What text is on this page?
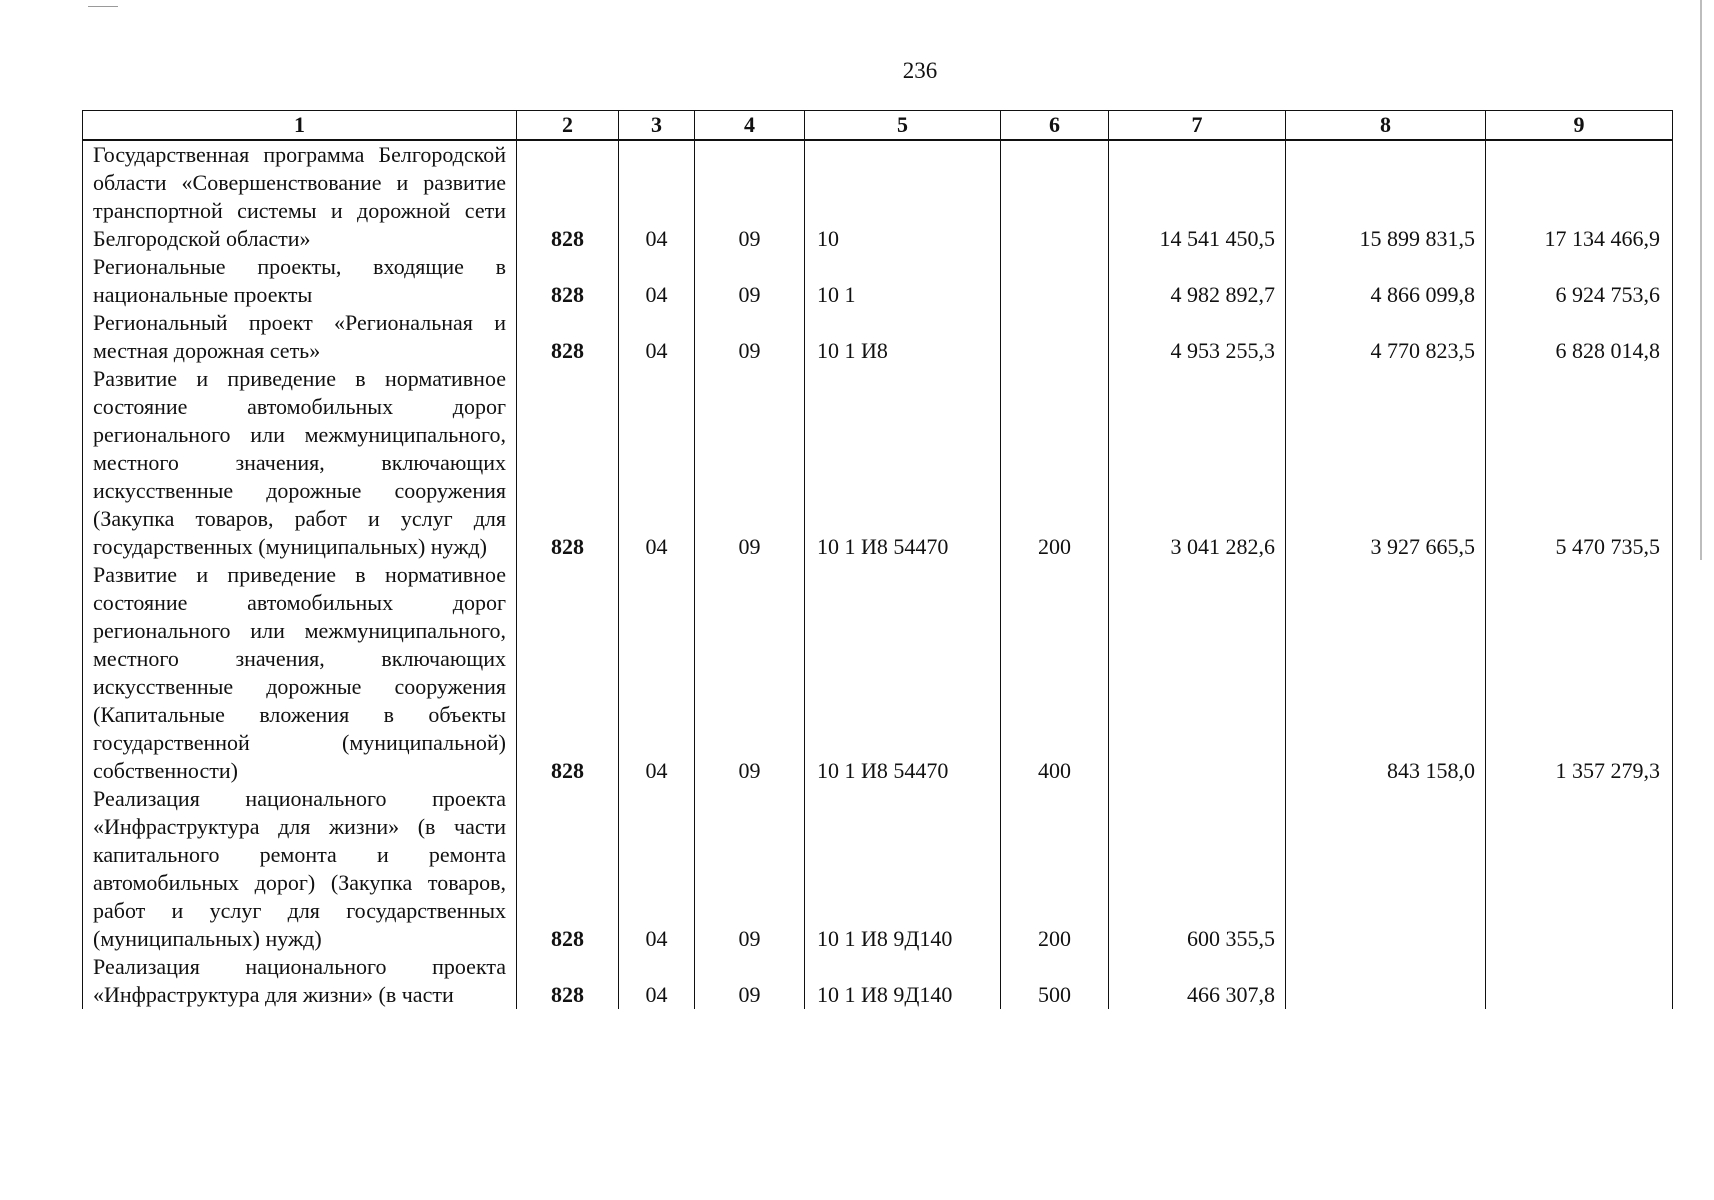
236
1	2	3	4	5	6	7	8	9
Государственная программа Белгородской области «Совершенствование и развитие транспортной системы и дорожной сети Белгородской области»	828	04	09	10		14 541 450,5	15 899 831,5	17 134 466,9
Региональные проекты, входящие в национальные проекты	828	04	09	10 1		4 982 892,7	4 866 099,8	6 924 753,6
Региональный проект «Региональная и местная дорожная сеть»	828	04	09	10 1 И8		4 953 255,3	4 770 823,5	6 828 014,8
Развитие и приведение в нормативное состояние автомобильных дорог регионального или межмуниципального, местного значения, включающих искусственные дорожные сооружения (Закупка товаров, работ и услуг для государственных (муниципальных) нужд)	828	04	09	10 1 И8 54470	200	3 041 282,6	3 927 665,5	5 470 735,5
Развитие и приведение в нормативное состояние автомобильных дорог регионального или межмуниципального, местного значения, включающих искусственные дорожные сооружения (Капитальные вложения в объекты государственной (муниципальной) собственности)	828	04	09	10 1 И8 54470	400		843 158,0	1 357 279,3
Реализация национального проекта «Инфраструктура для жизни» (в части капитального ремонта и ремонта автомобильных дорог) (Закупка товаров, работ и услуг для государственных (муниципальных) нужд)	828	04	09	10 1 И8 9Д140	200	600 355,5		
Реализация национального проекта «Инфраструктура для жизни» (в части	828	04	09	10 1 И8 9Д140	500	466 307,8		
